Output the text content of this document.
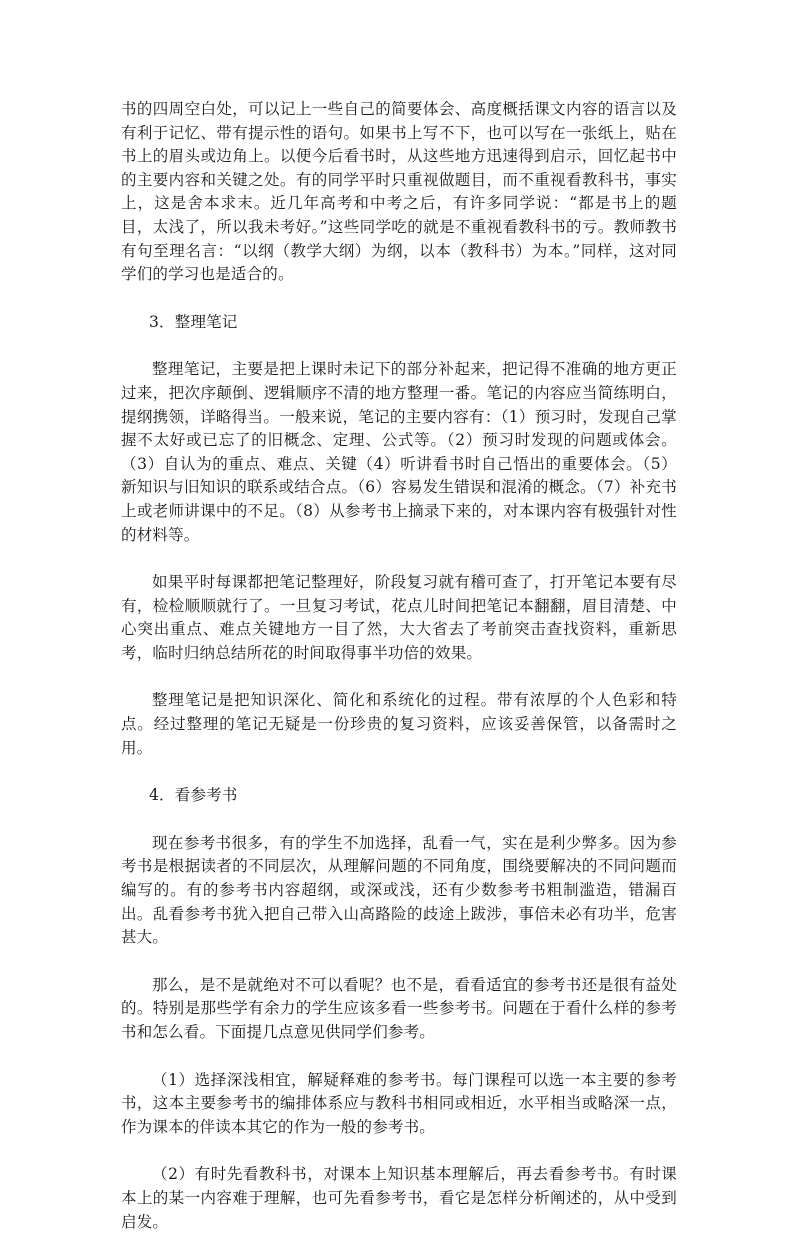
书的四周空白处，可以记上一些自己的简要体会、高度概括课文内容的语言以及有利于记忆、带有提示性的语句。如果书上写不下，也可以写在一张纸上，贴在书上的眉头或边角上。以便今后看书时，从这些地方迅速得到启示，回忆起书中的主要内容和关键之处。有的同学平时只重视做题目，而不重视看教科书，事实上，这是舍本求末。近几年高考和中考之后，有许多同学说：“都是书上的题目，太浅了，所以我未考好。”这些同学吃的就是不重视看教科书的亏。教师教书有句至理名言：“以纲（教学大纲）为纲，以本（教科书）为本。”同样，这对同学们的学习也是适合的。

3．整理笔记

整理笔记，主要是把上课时未记下的部分补起来，把记得不准确的地方更正过来，把次序颠倒、逻辑顺序不清的地方整理一番。笔记的内容应当简练明白，提纲携领，详略得当。一般来说，笔记的主要内容有：（1）预习时，发现自己掌握不太好或已忘了的旧概念、定理、公式等。（2）预习时发现的问题或体会。（3）自认为的重点、难点、关键（4）听讲看书时自己悟出的重要体会。（5）新知识与旧知识的联系或结合点。（6）容易发生错误和混淆的概念。（7）补充书上或老师讲课中的不足。（8）从参考书上摘录下来的，对本课内容有极强针对性的材料等。

如果平时每课都把笔记整理好，阶段复习就有稽可查了，打开笔记本要有尽有，检检顺顺就行了。一旦复习考试，花点儿时间把笔记本翻翻，眉目清楚、中心突出重点、难点关键地方一目了然，大大省去了考前突击查找资料，重新思考，临时归纳总结所花的时间取得事半功倍的效果。

整理笔记是把知识深化、简化和系统化的过程。带有浓厚的个人色彩和特点。经过整理的笔记无疑是一份珍贵的复习资料，应该妥善保管，以备需时之用。

4．看参考书

现在参考书很多，有的学生不加选择，乱看一气，实在是利少弊多。因为参考书是根据读者的不同层次，从理解问题的不同角度，围绕要解决的不同问题而编写的。有的参考书内容超纲，或深或浅，还有少数参考书粗制滥造，错漏百出。乱看参考书犹入把自己带入山高路险的歧途上跋涉，事倍未必有功半，危害甚大。

那么，是不是就绝对不可以看呢？也不是，看看适宜的参考书还是很有益处的。特别是那些学有余力的学生应该多看一些参考书。问题在于看什么样的参考书和怎么看。下面提几点意见供同学们参考。

（1）选择深浅相宜，解疑释难的参考书。每门课程可以选一本主要的参考书，这本主要参考书的编排体系应与教科书相同或相近，水平相当或略深一点，作为课本的伴读本其它的作为一般的参考书。

（2）有时先看教科书，对课本上知识基本理解后，再去看参考书。有时课本上的某一内容难于理解，也可先看参考书，看它是怎样分析阐述的，从中受到启发。
